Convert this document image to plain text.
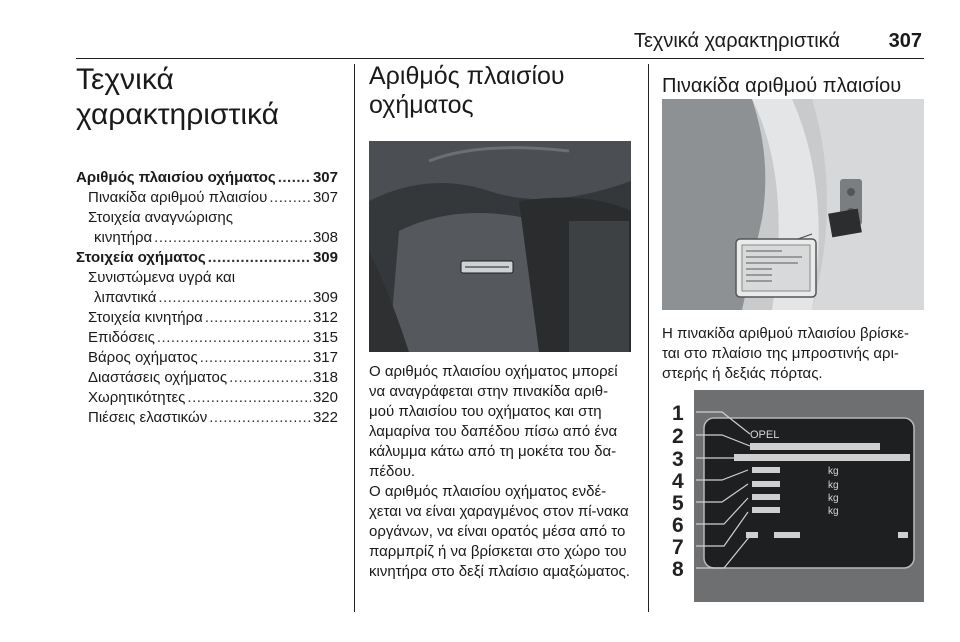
Τεχνικά χαρακτηριστικά 307
Τεχνικά
χαρακτηριστικά
Αριθμός πλαισίου οχήματος ..... 307
Πινακίδα αριθμού πλαισίου .....	307
Στοιχεία αναγνώρισης
κινητήρα .....	308
Στοιχεία οχήματος .....	309
Συνιστώμενα υγρά και
λιπαντικά .....	309
Στοιχεία κινητήρα .....	312
Επιδόσεις .....	315
Βάρος οχήματος .....	317
Διαστάσεις οχήματος .....	318
Χωρητικότητες .....	320
Πιέσεις ελαστικών .....	322
Αριθμός πλαισίου
οχήματος

Ο αριθμός πλαισίου οχήματος μπορεί να αναγράφεται στην πινακίδα αριθ-μού πλαισίου του οχήματος και στη λαμαρίνα του δαπέδου πίσω από ένα κάλυμμα κάτω από τη μοκέτα του δα-πέδου.

Ο αριθμός πλαισίου οχήματος ενδέ-χεται να είναι χαραγμένος στον πί-νακα οργάνων, να είναι ορατός μέσα από το παρμπρίζ ή να βρίσκεται στο χώρο του κινητήρα στο δεξί πλαίσιο αμαξώματος.

Πινακίδα αριθμού πλαισίου

Η πινακίδα αριθμού πλαισίου βρίσκε-ται στο πλαίσιο της μπροστινής αρι-στερής ή δεξιάς πόρτας.

OPEL
kg
kg
kg
kg
1
2
3
4
5
6
7
8
